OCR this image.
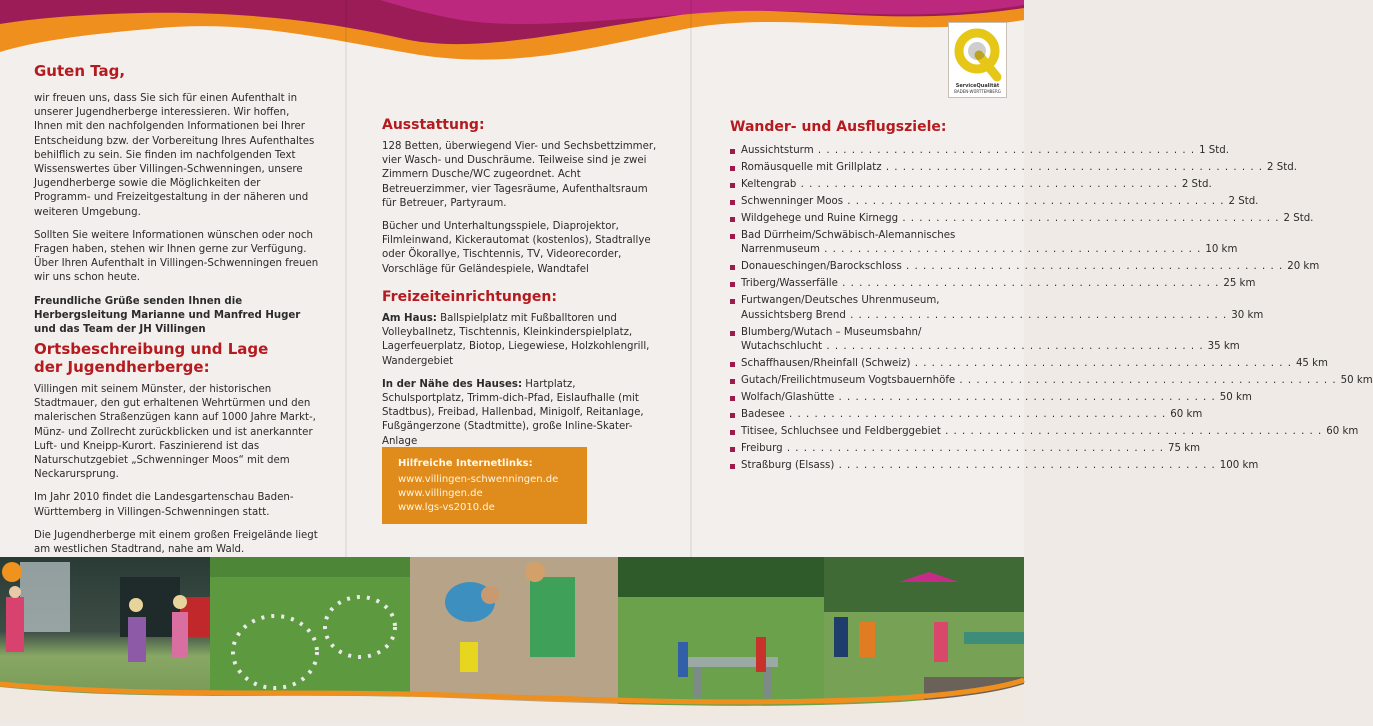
Guten Tag,

wir freuen uns, dass Sie sich für einen Aufenthalt in unserer Jugendherberge interessieren. Wir hoffen, Ihnen mit den nachfolgenden Informationen bei Ihrer Entscheidung bzw. der Vorbereitung Ihres Aufenthaltes behilflich zu sein. Sie finden im nachfolgenden Text Wissenswertes über Villingen-Schwenningen, unsere Jugendherberge sowie die Möglichkeiten der Programm- und Freizeitgestaltung in der näheren und weiteren Umgebung.

Sollten Sie weitere Informationen wünschen oder noch Fragen haben, stehen wir Ihnen gerne zur Verfügung. Über Ihren Aufenthalt in Villingen-Schwenningen freuen wir uns schon heute.

Freundliche Grüße senden Ihnen die Herbergsleitung Marianne und Manfred Huger und das Team der JH Villingen

Ortsbeschreibung und Lage der Jugendherberge:

Villingen mit seinem Münster, der historischen Stadtmauer, den gut erhaltenen Wehrtürmen und den malerischen Straßenzügen kann auf 1000 Jahre Markt-, Münz- und Zollrecht zurückblicken und ist anerkannter Luft- und Kneipp-Kurort. Faszinierend ist das Naturschutzgebiet „Schwenninger Moos“ mit dem Neckarursprung.

Im Jahr 2010 findet die Landesgartenschau Baden-Württemberg in Villingen-Schwenningen statt.

Die Jugendherberge mit einem großen Freigelände liegt am westlichen Stadtrand, nahe am Wald.

Ausstattung:

128 Betten, überwiegend Vier- und Sechsbettzimmer, vier Wasch- und Duschräume. Teilweise sind je zwei Zimmern Dusche/WC zugeordnet. Acht Betreuerzimmer, vier Tagesräume, Aufenthaltsraum für Betreuer, Partyraum.

Bücher und Unterhaltungsspiele, Diaprojektor, Filmleinwand, Kickerautomat (kostenlos), Stadtrallye oder Ökorallye, Tischtennis, TV, Videorecorder, Vorschläge für Geländespiele, Wandtafel

Freizeiteinrichtungen:

Am Haus: Ballspielplatz mit Fußballtoren und Volleyballnetz, Tischtennis, Kleinkinderspielplatz, Lagerfeuerplatz, Biotop, Liegewiese, Holzkohlengrill, Wandergebiet

In der Nähe des Hauses: Hartplatz, Schulsportplatz, Trimm-dich-Pfad, Eislaufhalle (mit Stadtbus), Freibad, Hallenbad, Minigolf, Reitanlage, Fußgängerzone (Stadtmitte), große Inline-Skater-Anlage

Hilfreiche Internetlinks:
www.villingen-schwenningen.de
www.villingen.de
www.lgs-vs2010.de
Wander- und Ausflugsziele:
Aussichtsturm . . .	1 Std.
Romäusquelle mit Grillplatz . . .	2 Std.
Keltengrab . . .	2 Std.
Schwenninger Moos . . .	2 Std.
Wildgehege und Ruine Kirnegg . . .	2 Std.
Bad Dürrheim/Schwäbisch-Alemannisches
Narrenmuseum . . .	10 km
Donaueschingen/Barockschloss . . .	20 km
Triberg/Wasserfälle . . .	25 km
Furtwangen/Deutsches Uhrenmuseum,
Aussichtsberg Brend . . .	30 km
Blumberg/Wutach – Museumsbahn/
Wutachschlucht . . .	35 km
Schaffhausen/Rheinfall (Schweiz) . . .	45 km
Gutach/Freilichtmuseum Vogtsbauernhöfe . . .	50 km
Wolfach/Glashütte . . .	50 km
Badesee . . .	60 km
Titisee, Schluchsee und Feldberggebiet . . .	60 km
Freiburg . . .	75 km
Straßburg (Elsass) . . .	100 km
ServiceQualität
BADEN-WÜRTTEMBERG
